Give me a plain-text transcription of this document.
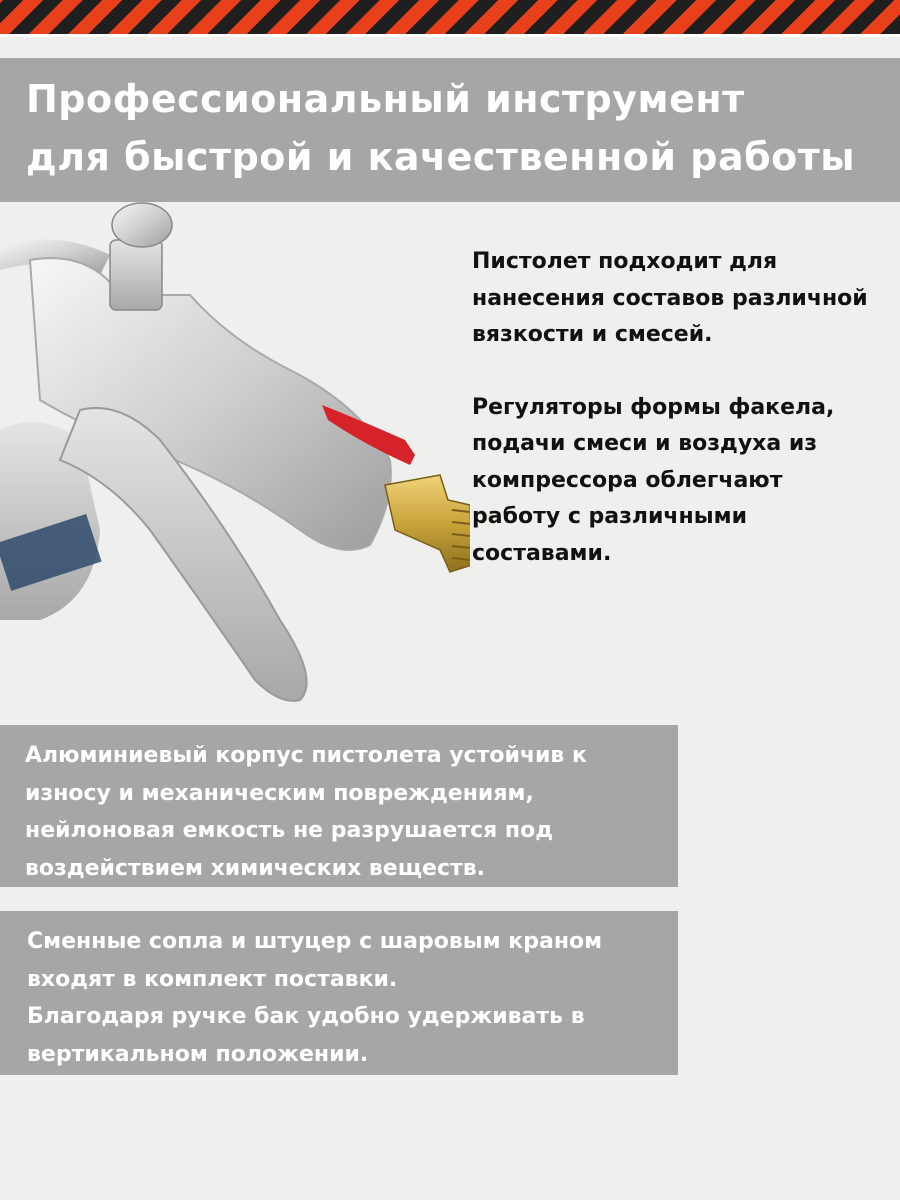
Профессиональный инструмент
для быстрой и качественной работы

Пистолет подходит для нанесения составов различной вязкости и смесей.

Регуляторы формы факела, подачи смеси и воздуха из компрессора облегчают работу с различными составами.

Алюминиевый корпус пистолета устойчив к износу и механическим повреждениям, нейлоновая емкость не разрушается под воздействием химических веществ.

Сменные сопла и штуцер с шаровым краном входят в комплект поставки.

Благодаря ручке бак удобно удерживать в вертикальном положении.
